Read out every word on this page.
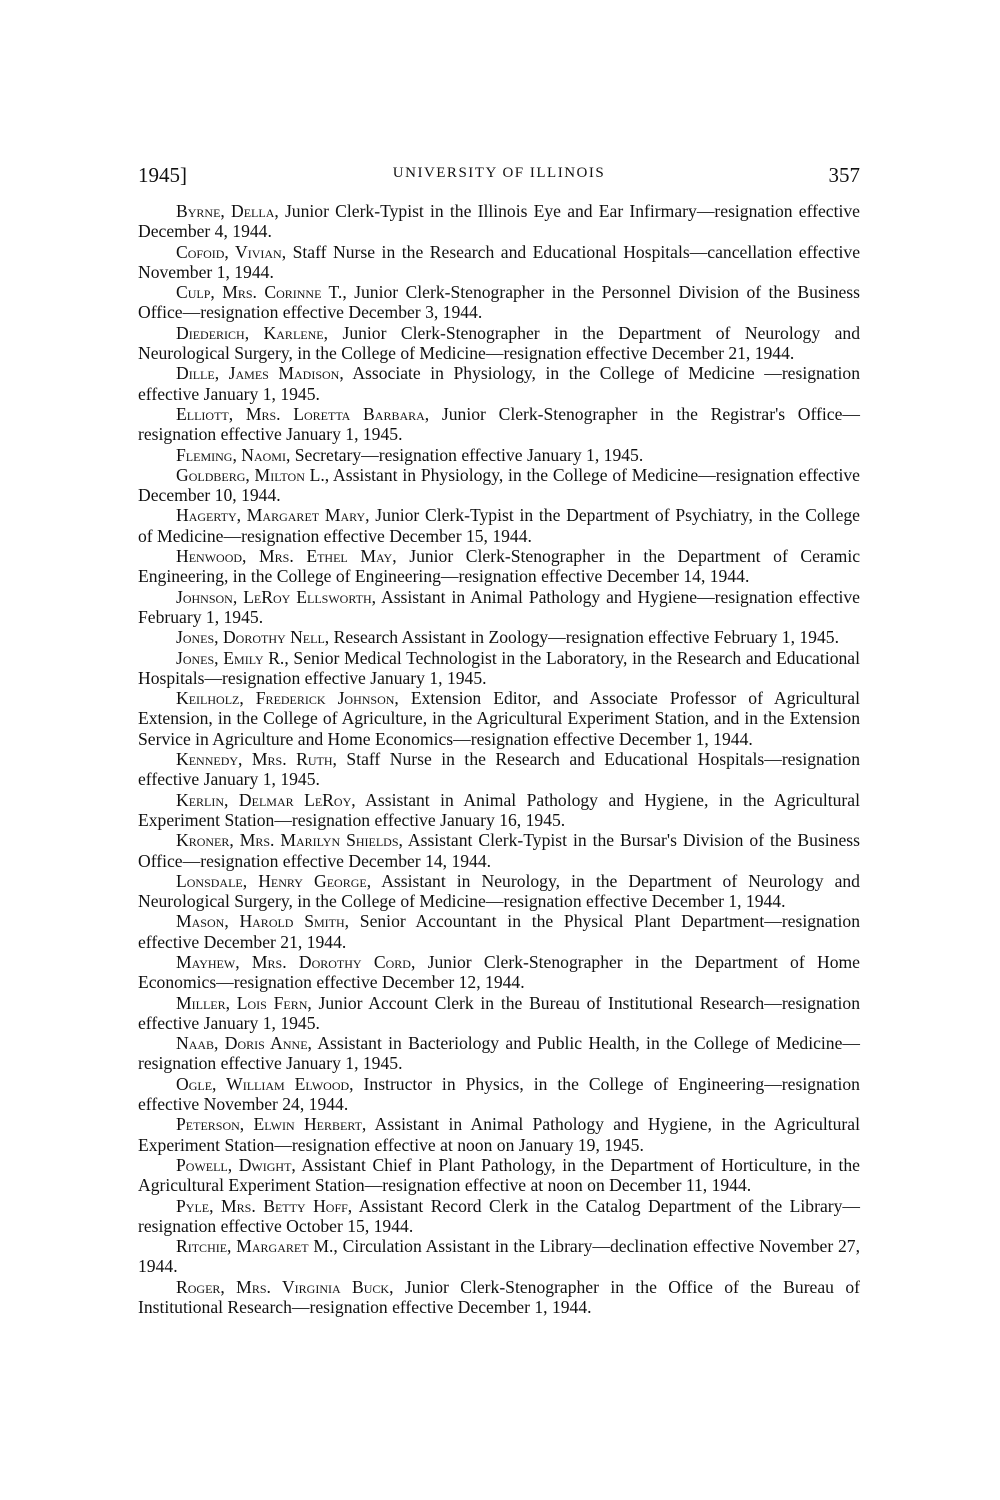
1945]	UNIVERSITY OF ILLINOIS	357

Byrne, Della, Junior Clerk-Typist in the Illinois Eye and Ear Infirmary—resignation effective December 4, 1944.

Cofoid, Vivian, Staff Nurse in the Research and Educational Hospitals—cancellation effective November 1, 1944.

Culp, Mrs. Corinne T., Junior Clerk-Stenographer in the Personnel Division of the Business Office—resignation effective December 3, 1944.

Diederich, Karlene, Junior Clerk-Stenographer in the Department of Neurology and Neurological Surgery, in the College of Medicine—resignation effective December 21, 1944.

Dille, James Madison, Associate in Physiology, in the College of Medicine —resignation effective January 1, 1945.

Elliott, Mrs. Loretta Barbara, Junior Clerk-Stenographer in the Registrar's Office—resignation effective January 1, 1945.

Fleming, Naomi, Secretary—resignation effective January 1, 1945.

Goldberg, Milton L., Assistant in Physiology, in the College of Medicine—resignation effective December 10, 1944.

Hagerty, Margaret Mary, Junior Clerk-Typist in the Department of Psychiatry, in the College of Medicine—resignation effective December 15, 1944.

Henwood, Mrs. Ethel May, Junior Clerk-Stenographer in the Department of Ceramic Engineering, in the College of Engineering—resignation effective December 14, 1944.

Johnson, LeRoy Ellsworth, Assistant in Animal Pathology and Hygiene—resignation effective February 1, 1945.

Jones, Dorothy Nell, Research Assistant in Zoology—resignation effective February 1, 1945.

Jones, Emily R., Senior Medical Technologist in the Laboratory, in the Research and Educational Hospitals—resignation effective January 1, 1945.

Keilholz, Frederick Johnson, Extension Editor, and Associate Professor of Agricultural Extension, in the College of Agriculture, in the Agricultural Experiment Station, and in the Extension Service in Agriculture and Home Economics—resignation effective December 1, 1944.

Kennedy, Mrs. Ruth, Staff Nurse in the Research and Educational Hospitals—resignation effective January 1, 1945.

Kerlin, Delmar LeRoy, Assistant in Animal Pathology and Hygiene, in the Agricultural Experiment Station—resignation effective January 16, 1945.

Kroner, Mrs. Marilyn Shields, Assistant Clerk-Typist in the Bursar's Division of the Business Office—resignation effective December 14, 1944.

Lonsdale, Henry George, Assistant in Neurology, in the Department of Neurology and Neurological Surgery, in the College of Medicine—resignation effective December 1, 1944.

Mason, Harold Smith, Senior Accountant in the Physical Plant Department—resignation effective December 21, 1944.

Mayhew, Mrs. Dorothy Cord, Junior Clerk-Stenographer in the Department of Home Economics—resignation effective December 12, 1944.

Miller, Lois Fern, Junior Account Clerk in the Bureau of Institutional Research—resignation effective January 1, 1945.

Naab, Doris Anne, Assistant in Bacteriology and Public Health, in the College of Medicine—resignation effective January 1, 1945.

Ogle, William Elwood, Instructor in Physics, in the College of Engineering—resignation effective November 24, 1944.

Peterson, Elwin Herbert, Assistant in Animal Pathology and Hygiene, in the Agricultural Experiment Station—resignation effective at noon on January 19, 1945.

Powell, Dwight, Assistant Chief in Plant Pathology, in the Department of Horticulture, in the Agricultural Experiment Station—resignation effective at noon on December 11, 1944.

Pyle, Mrs. Betty Hoff, Assistant Record Clerk in the Catalog Department of the Library—resignation effective October 15, 1944.

Ritchie, Margaret M., Circulation Assistant in the Library—declination effective November 27, 1944.

Roger, Mrs. Virginia Buck, Junior Clerk-Stenographer in the Office of the Bureau of Institutional Research—resignation effective December 1, 1944.
